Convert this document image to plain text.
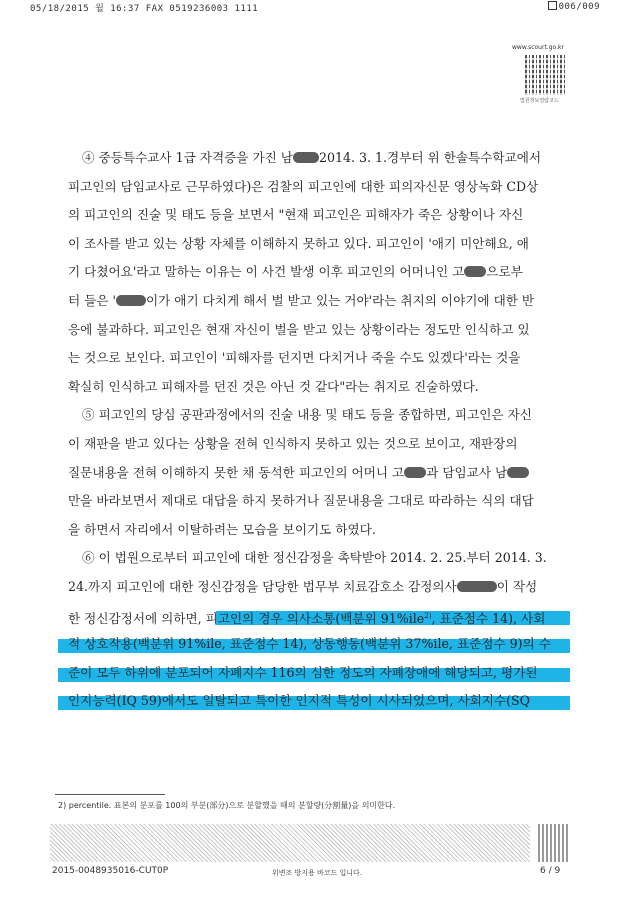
05/18/2015 월 16:37 FAX 0519236003 1111	006/009
www.scourt.go.kr
법원정보열람코드
④ 중등특수교사 1급 자격증을 가진 남 2014. 3. 1.경부터 위 한솔특수학교에서
피고인의 담임교사로 근무하였다)은 검찰의 피고인에 대한 피의자신문 영상녹화 CD상
의 피고인의 진술 및 태도 등을 보면서 "현재 피고인은 피해자가 죽은 상황이나 자신
이 조사를 받고 있는 상황 자체를 이해하지 못하고 있다. 피고인이 '애기 미안해요, 애
기 다쳤어요'라고 말하는 이유는 이 사건 발생 이후 피고인의 어머니인 고 으로부
터 들은 ' 이가 애기 다치게 해서 벌 받고 있는 거야'라는 취지의 이야기에 대한 반
응에 불과하다. 피고인은 현재 자신이 벌을 받고 있는 상황이라는 정도만 인식하고 있
는 것으로 보인다. 피고인이 '피해자를 던지면 다치거나 죽을 수도 있겠다'라는 것을
확실히 인식하고 피해자를 던진 것은 아닌 것 같다"라는 취지로 진술하였다.
⑤ 피고인의 당심 공판과정에서의 진술 내용 및 태도 등을 종합하면, 피고인은 자신
이 재판을 받고 있다는 상황을 전혀 인식하지 못하고 있는 것으로 보이고, 재판장의
질문내용을 전혀 이해하지 못한 채 동석한 피고인의 어머니 고 과 담임교사 남
만을 바라보면서 제대로 대답을 하지 못하거나 질문내용을 그대로 따라하는 식의 대답
을 하면서 자리에서 이탈하려는 모습을 보이기도 하였다.
⑥ 이 법원으로부터 피고인에 대한 정신감정을 촉탁받아 2014. 2. 25.부터 2014. 3.
24.까지 피고인에 대한 정신감정을 담당한 법무부 치료감호소 감정의사	이 작성
한 정신감정서에 의하면, 피고인의 경우 의사소통(백분위 91%ile$^{2)}$, 표준점수 14), 사회
적 상호작용(백분위 91%ile, 표준점수 14), 상동행동(백분위 37%ile, 표준점수 9)의 수
준이 모두 하위에 분포되어 자폐지수 116의 심한 정도의 자폐장애에 해당되고, 평가된
인지능력(IQ 59)에서도 일탈되고 특이한 인지적 특성이 시사되었으며, 사회지수(SQ
2) percentile. 표본의 분포를 100의 부분(部分)으로 분할했을 때의 분할량(分割量)을 의미한다.
2015-0048935016-CUT0P	위변조 방지용 바코드 입니다.	6 / 9
